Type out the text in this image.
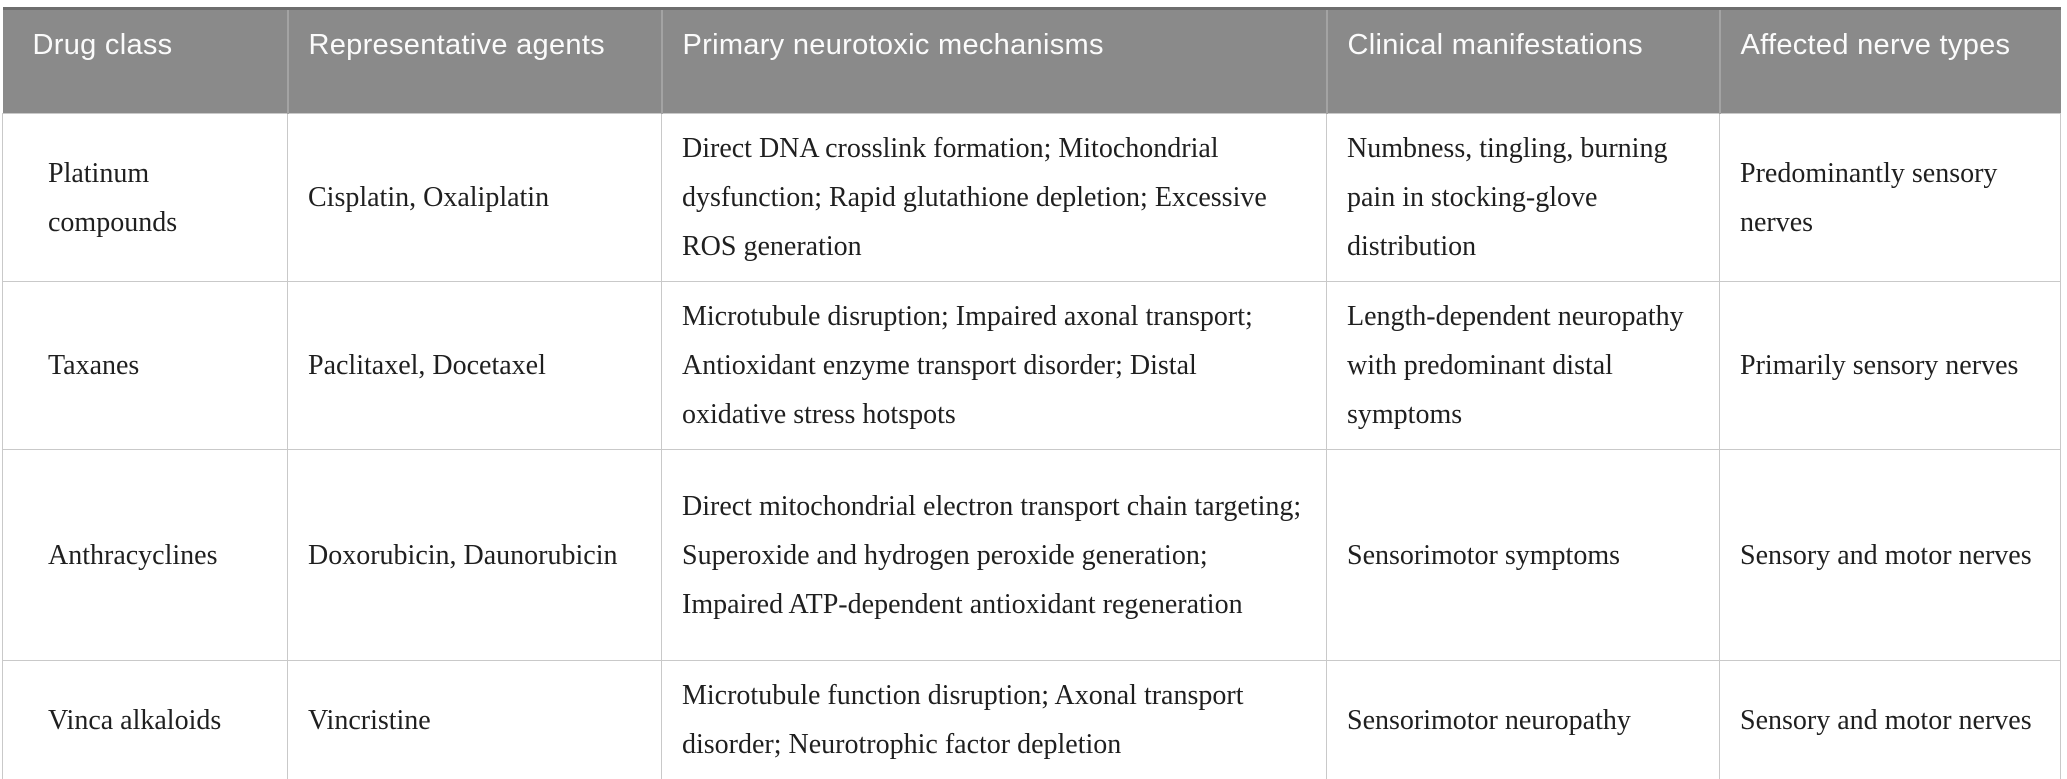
Drug class	Representative agents	Primary neurotoxic mechanisms	Clinical manifestations	Affected nerve types
Platinum compounds	Cisplatin, Oxaliplatin	Direct DNA crosslink formation; Mitochondrial dysfunction; Rapid glutathione depletion; Excessive ROS generation	Numbness, tingling, burning pain in stocking-glove distribution	Predominantly sensory nerves
Taxanes	Paclitaxel, Docetaxel	Microtubule disruption; Impaired axonal transport; Antioxidant enzyme transport disorder; Distal oxidative stress hotspots	Length-dependent neuropathy with predominant distal symptoms	Primarily sensory nerves
Anthracyclines	Doxorubicin, Daunorubicin	Direct mitochondrial electron transport chain targeting; Superoxide and hydrogen peroxide generation; Impaired ATP-dependent antioxidant regeneration	Sensorimotor symptoms	Sensory and motor nerves
Vinca alkaloids	Vincristine	Microtubule function disruption; Axonal transport disorder; Neurotrophic factor depletion	Sensorimotor neuropathy	Sensory and motor nerves
